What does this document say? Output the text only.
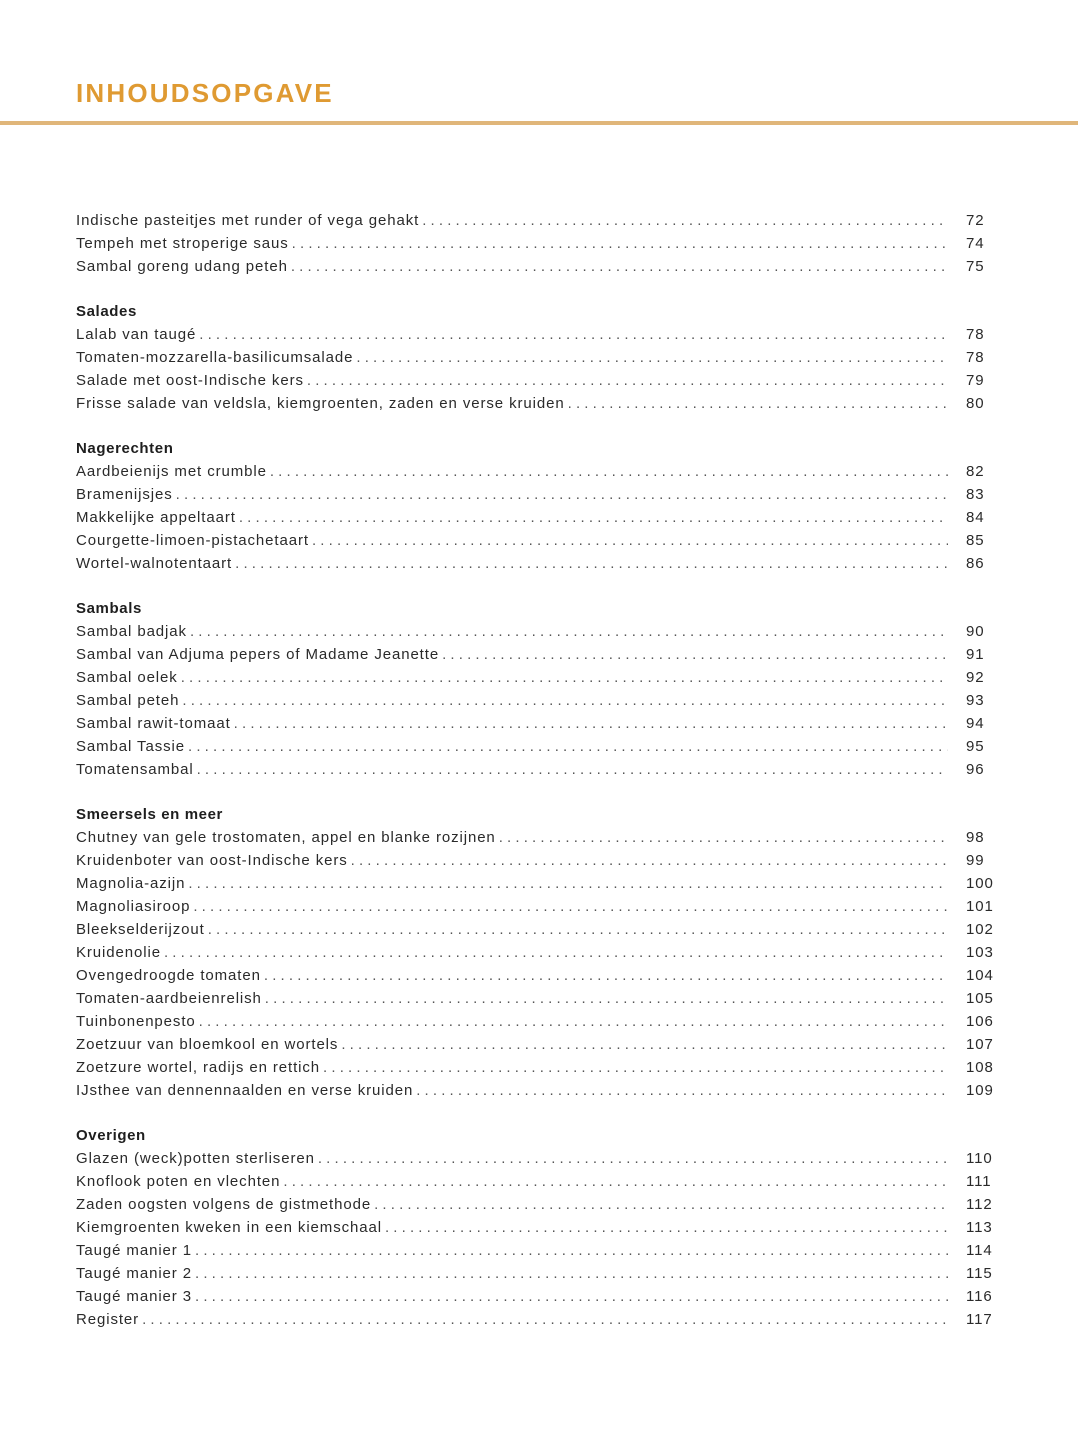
INHOUDSOPGAVE
Indische pasteitjes met runder of vega gehakt . . .	72
Tempeh met stroperige saus . . .	74
Sambal goreng udang peteh . . .	75
Salades
Lalab van taugé . . .	78
Tomaten-mozzarella-basilicumsalade . . .	78
Salade met oost-Indische kers . . .	79
Frisse salade van veldsla, kiemgroenten, zaden en verse kruiden . . .	80
Nagerechten
Aardbeienijs met crumble . . .	82
Bramenijsjes . . .	83
Makkelijke appeltaart . . .	84
Courgette-limoen-pistachetaart . . .	85
Wortel-walnotentaart . . .	86
Sambals
Sambal badjak . . .	90
Sambal van Adjuma pepers of Madame Jeanette . . .	91
Sambal oelek . . .	92
Sambal peteh . . .	93
Sambal rawit-tomaat . . .	94
Sambal Tassie . . .	95
Tomatensambal . . .	96
Smeersels en meer
Chutney van gele trostomaten, appel en blanke rozijnen . . .	98
Kruidenboter van oost-Indische kers . . .	99
Magnolia-azijn . . .	100
Magnoliasiroop . . .	101
Bleekselderijzout . . .	102
Kruidenolie . . .	103
Ovengedroogde tomaten . . .	104
Tomaten-aardbeienrelish . . .	105
Tuinbonenpesto . . .	106
Zoetzuur van bloemkool en wortels . . .	107
Zoetzure wortel, radijs en rettich . . .	108
IJsthee van dennennaalden en verse kruiden . . .	109
Overigen
Glazen (weck)potten sterliseren . . .	110
Knoflook poten en vlechten . . .	111
Zaden oogsten volgens de gistmethode . . .	112
Kiemgroenten kweken in een kiemschaal . . .	113
Taugé manier 1 . . .	114
Taugé manier 2 . . .	115
Taugé manier 3 . . .	116
Register . . .	117
